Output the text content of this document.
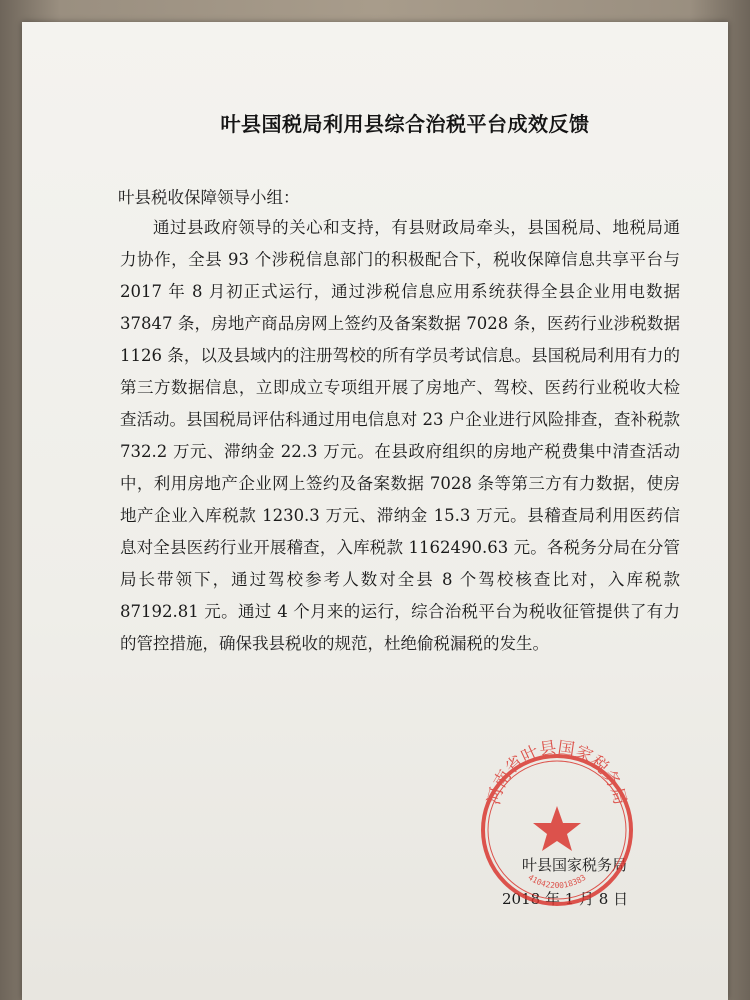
叶县国税局利用县综合治税平台成效反馈
叶县税收保障领导小组：

通过县政府领导的关心和支持，有县财政局牵头，县国税局、地税局通力协作，全县 93 个涉税信息部门的积极配合下，税收保障信息共享平台与 2017 年 8 月初正式运行，通过涉税信息应用系统获得全县企业用电数据 37847 条，房地产商品房网上签约及备案数据 7028 条，医药行业涉税数据 1126 条，以及县域内的注册驾校的所有学员考试信息。县国税局利用有力的第三方数据信息，立即成立专项组开展了房地产、驾校、医药行业税收大检查活动。县国税局评估科通过用电信息对 23 户企业进行风险排查，查补税款 732.2 万元、滞纳金 22.3 万元。在县政府组织的房地产税费集中清查活动中，利用房地产企业网上签约及备案数据 7028 条等第三方有力数据，使房地产企业入库税款 1230.3 万元、滞纳金 15.3 万元。县稽查局利用医药信息对全县医药行业开展稽查，入库税款 1162490.63 元。各税务分局在分管局长带领下，通过驾校参考人数对全县 8 个驾校核查比对，入库税款 87192.81 元。通过 4 个月来的运行，综合治税平台为税收征管提供了有力的管控措施，确保我县税收的规范，杜绝偷税漏税的发生。

叶县国家税务局
2018 年 1 月 8 日
河南省叶县国家税务局
4104220018383
